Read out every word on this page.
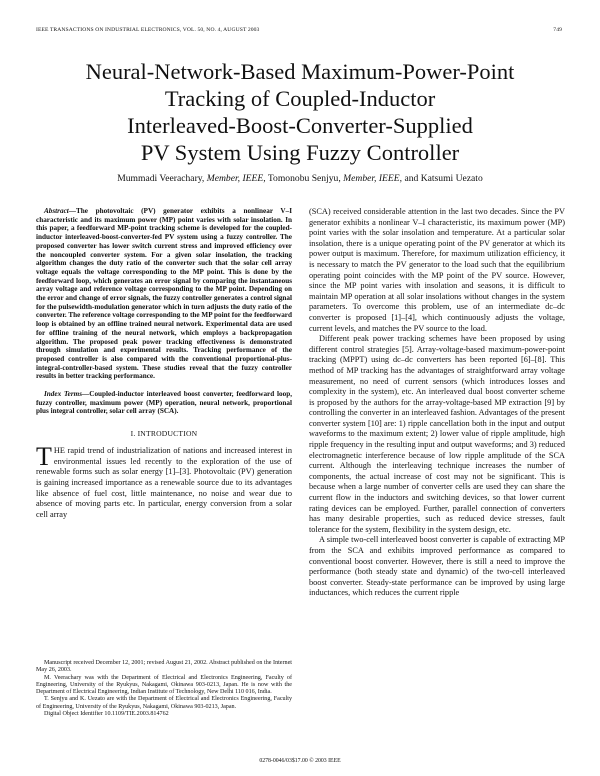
IEEE TRANSACTIONS ON INDUSTRIAL ELECTRONICS, VOL. 50, NO. 4, AUGUST 2003	749
Neural-Network-Based Maximum-Power-Point
Tracking of Coupled-Inductor
Interleaved-Boost-Converter-Supplied
PV System Using Fuzzy Controller
Mummadi Veerachary, Member, IEEE, Tomonobu Senjyu, Member, IEEE, and Katsumi Uezato

Abstract—The photovoltaic (PV) generator exhibits a nonlinear V–I characteristic and its maximum power (MP) point varies with solar insolation. In this paper, a feedforward MP-point tracking scheme is developed for the coupled-inductor interleaved-boost-converter-fed PV system using a fuzzy controller. The proposed converter has lower switch current stress and improved efficiency over the noncoupled converter system. For a given solar insolation, the tracking algorithm changes the duty ratio of the converter such that the solar cell array voltage equals the voltage corresponding to the MP point. This is done by the feedforward loop, which generates an error signal by comparing the instantaneous array voltage and reference voltage corresponding to the MP point. Depending on the error and change of error signals, the fuzzy controller generates a control signal for the pulsewidth-modulation generator which in turn adjusts the duty ratio of the converter. The reference voltage corresponding to the MP point for the feedforward loop is obtained by an offline trained neural network. Experimental data are used for offline training of the neural network, which employs a backpropagation algorithm. The proposed peak power tracking effectiveness is demonstrated through simulation and experimental results. Tracking performance of the proposed controller is also compared with the conventional proportional-plus-integral-controller-based system. These studies reveal that the fuzzy controller results in better tracking performance.

Index Terms—Coupled-inductor interleaved boost converter, feedforward loop, fuzzy controller, maximum power (MP) operation, neural network, proportional plus integral controller, solar cell array (SCA).

I. INTRODUCTION

THE rapid trend of industrialization of nations and increased interest in environmental issues led recently to the exploration of the use of renewable forms such as solar energy [1]–[3]. Photovoltaic (PV) generation is gaining increased importance as a renewable source due to its advantages like absence of fuel cost, little maintenance, no noise and wear due to absence of moving parts etc. In particular, energy conversion from a solar cell array

Manuscript received December 12, 2001; revised August 21, 2002. Abstract published on the Internet May 26, 2003.

M. Veerachary was with the Department of Electrical and Electronics Engineering, Faculty of Engineering, University of the Ryukyus, Nakagami, Okinawa 903-0213, Japan. He is now with the Department of Electrical Engineering, Indian Institute of Technology, New Delhi 110 016, India.

T. Senjyu and K. Uezato are with the Department of Electrical and Electronics Engineering, Faculty of Engineering, University of the Ryukyus, Nakagami, Okinawa 903-0213, Japan.

Digital Object Identifier 10.1109/TIE.2003.814762

(SCA) received considerable attention in the last two decades. Since the PV generator exhibits a nonlinear V–I characteristic, its maximum power (MP) point varies with the solar insolation and temperature. At a particular solar insolation, there is a unique operating point of the PV generator at which its power output is maximum. Therefore, for maximum utilization efficiency, it is necessary to match the PV generator to the load such that the equilibrium operating point coincides with the MP point of the PV source. However, since the MP point varies with insolation and seasons, it is difficult to maintain MP operation at all solar insolations without changes in the system parameters. To overcome this problem, use of an intermediate dc–dc converter is proposed [1]–[4], which continuously adjusts the voltage, current levels, and matches the PV source to the load.

Different peak power tracking schemes have been proposed by using different control strategies [5]. Array-voltage-based maximum-power-point tracking (MPPT) using dc–dc converters has been reported [6]–[8]. This method of MP tracking has the advantages of straightforward array voltage measurement, no need of current sensors (which introduces losses and complexity in the system), etc. An interleaved dual boost converter scheme is proposed by the authors for the array-voltage-based MP extraction [9] by controlling the converter in an interleaved fashion. Advantages of the present converter system [10] are: 1) ripple cancellation both in the input and output waveforms to the maximum extent; 2) lower value of ripple amplitude, high ripple frequency in the resulting input and output waveforms; and 3) reduced electromagnetic interference because of low ripple amplitude of the SCA current. Although the interleaving technique increases the number of components, the actual increase of cost may not be significant. This is because when a large number of converter cells are used they can share the current flow in the inductors and switching devices, so that lower current rating devices can be employed. Further, parallel connection of converters has many desirable properties, such as reduced device stresses, fault tolerance for the system, flexibility in the system design, etc.

A simple two-cell interleaved boost converter is capable of extracting MP from the SCA and exhibits improved performance as compared to conventional boost converter. However, there is still a need to improve the performance (both steady state and dynamic) of the two-cell interleaved boost converter. Steady-state performance can be improved by using large inductances, which reduces the current ripple

0278-0046/03$17.00 © 2003 IEEE
